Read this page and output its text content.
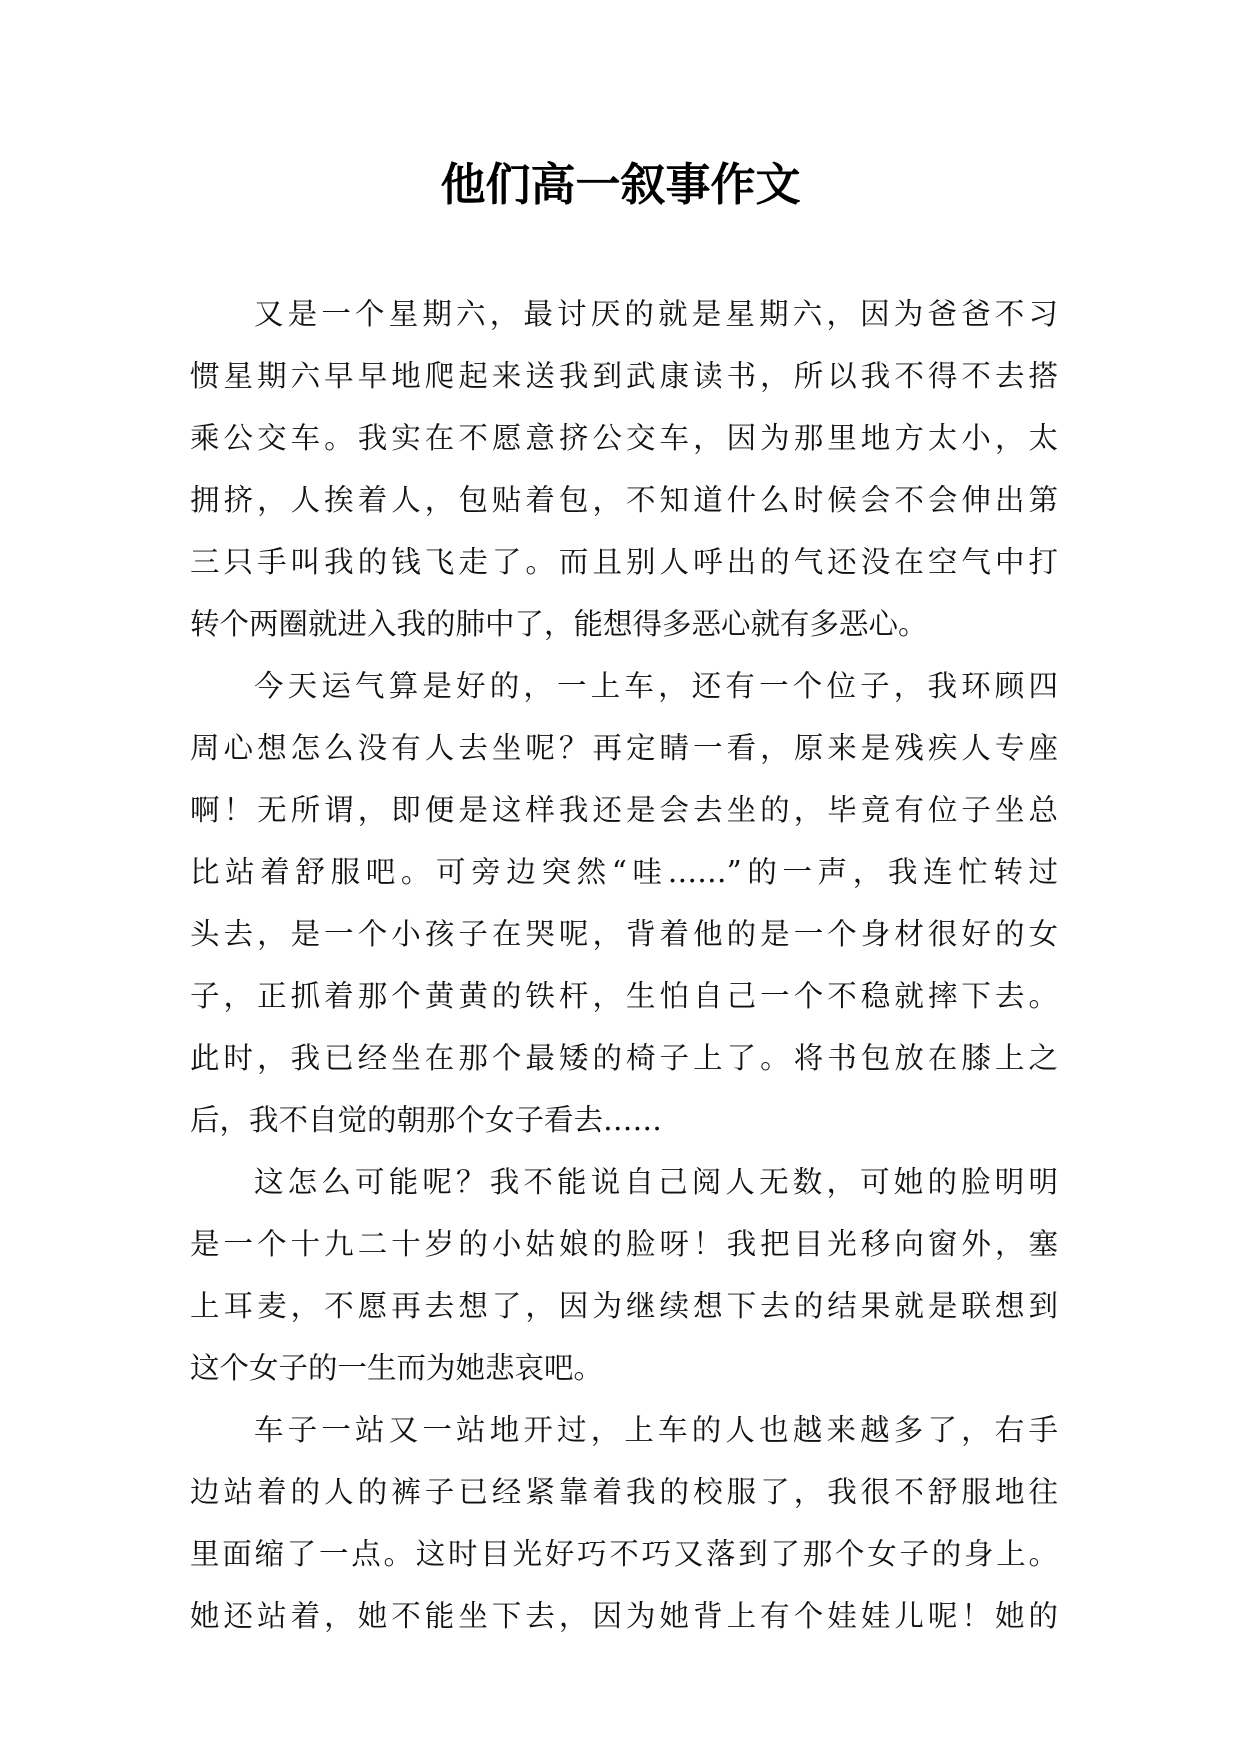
他们高一叙事作文
又是一个星期六，最讨厌的就是星期六，因为爸爸不习
惯星期六早早地爬起来送我到武康读书，所以我不得不去搭
乘公交车。我实在不愿意挤公交车，因为那里地方太小，太
拥挤，人挨着人，包贴着包，不知道什么时候会不会伸出第
三只手叫我的钱飞走了。而且别人呼出的气还没在空气中打
转个两圈就进入我的肺中了，能想得多恶心就有多恶心。
今天运气算是好的，一上车，还有一个位子，我环顾四
周心想怎么没有人去坐呢？再定睛一看，原来是残疾人专座
啊！无所谓，即便是这样我还是会去坐的，毕竟有位子坐总
比站着舒服吧。可旁边突然“哇……”的一声，我连忙转过
头去，是一个小孩子在哭呢，背着他的是一个身材很好的女
子，正抓着那个黄黄的铁杆，生怕自己一个不稳就摔下去。
此时，我已经坐在那个最矮的椅子上了。将书包放在膝上之
后，我不自觉的朝那个女子看去……
这怎么可能呢？我不能说自己阅人无数，可她的脸明明
是一个十九二十岁的小姑娘的脸呀！我把目光移向窗外，塞
上耳麦，不愿再去想了，因为继续想下去的结果就是联想到
这个女子的一生而为她悲哀吧。
车子一站又一站地开过，上车的人也越来越多了，右手
边站着的人的裤子已经紧靠着我的校服了，我很不舒服地往
里面缩了一点。这时目光好巧不巧又落到了那个女子的身上。
她还站着，她不能坐下去，因为她背上有个娃娃儿呢！她的
